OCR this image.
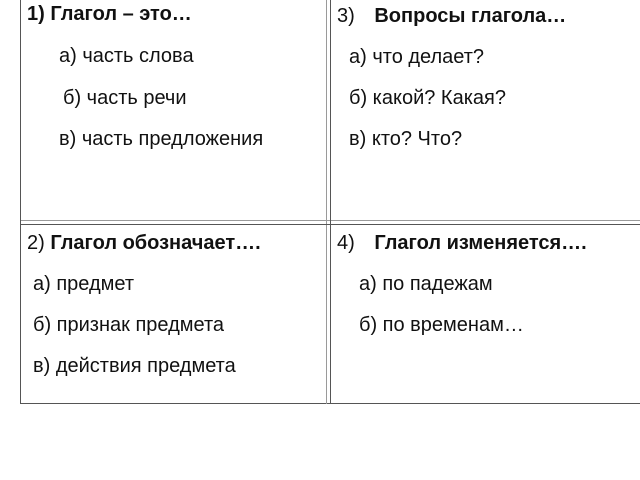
1) Глагол – это…
а) часть слова
б) часть речи
в) часть предложения
3) Вопросы глагола…
а) что делает?
б) какой? Какая?
в) кто? Что?
2) Глагол обозначает….
а) предмет
б) признак предмета
в) действия предмета
4) Глагол изменяется….
а) по падежам
б) по временам…
